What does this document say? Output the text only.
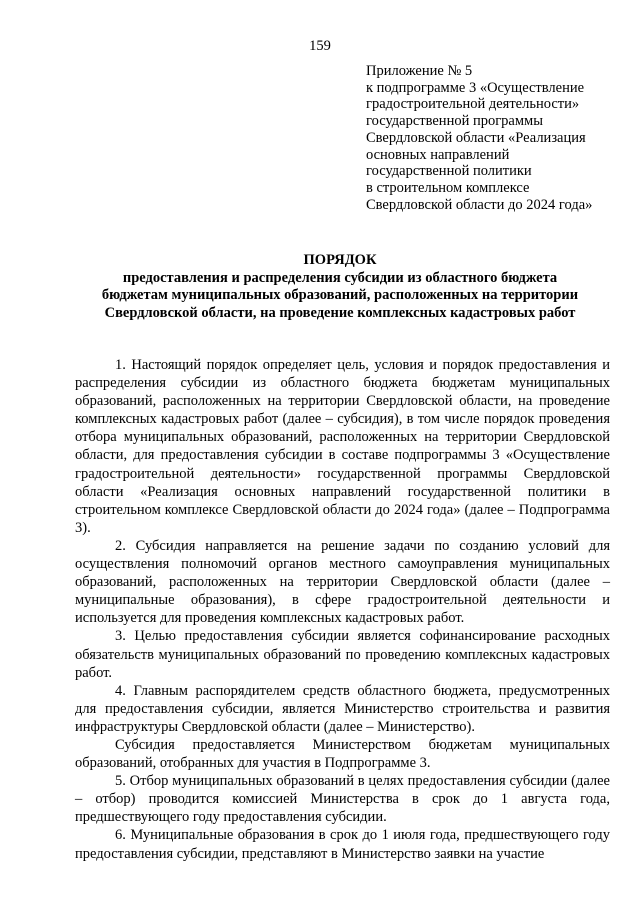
159
Приложение № 5
к подпрограмме 3 «Осуществление
градостроительной деятельности»
государственной программы
Свердловской области «Реализация
основных направлений
государственной политики
в строительном комплексе
Свердловской области до 2024 года»
ПОРЯДОК
предоставления и распределения субсидии из областного бюджета
бюджетам муниципальных образований, расположенных на территории
Свердловской области, на проведение комплексных кадастровых работ

1. Настоящий порядок определяет цель, условия и порядок предоставления и распределения субсидии из областного бюджета бюджетам муниципальных образований, расположенных на территории Свердловской области, на проведение комплексных кадастровых работ (далее – субсидия), в том числе порядок проведения отбора муниципальных образований, расположенных на территории Свердловской области, для предоставления субсидии в составе подпрограммы 3 «Осуществление градостроительной деятельности» государственной программы Свердловской области «Реализация основных направлений государственной политики в строительном комплексе Свердловской области до 2024 года» (далее – Подпрограмма 3).

2. Субсидия направляется на решение задачи по созданию условий для осуществления полномочий органов местного самоуправления муниципальных образований, расположенных на территории Свердловской области (далее – муниципальные образования), в сфере градостроительной деятельности и используется для проведения комплексных кадастровых работ.

3. Целью предоставления субсидии является софинансирование расходных обязательств муниципальных образований по проведению комплексных кадастровых работ.

4. Главным распорядителем средств областного бюджета, предусмотренных для предоставления субсидии, является Министерство строительства и развития инфраструктуры Свердловской области (далее – Министерство).

Субсидия предоставляется Министерством бюджетам муниципальных образований, отобранных для участия в Подпрограмме 3.

5. Отбор муниципальных образований в целях предоставления субсидии (далее – отбор) проводится комиссией Министерства в срок до 1 августа года, предшествующего году предоставления субсидии.

6. Муниципальные образования в срок до 1 июля года, предшествующего году предоставления субсидии, представляют в Министерство заявки на участие
